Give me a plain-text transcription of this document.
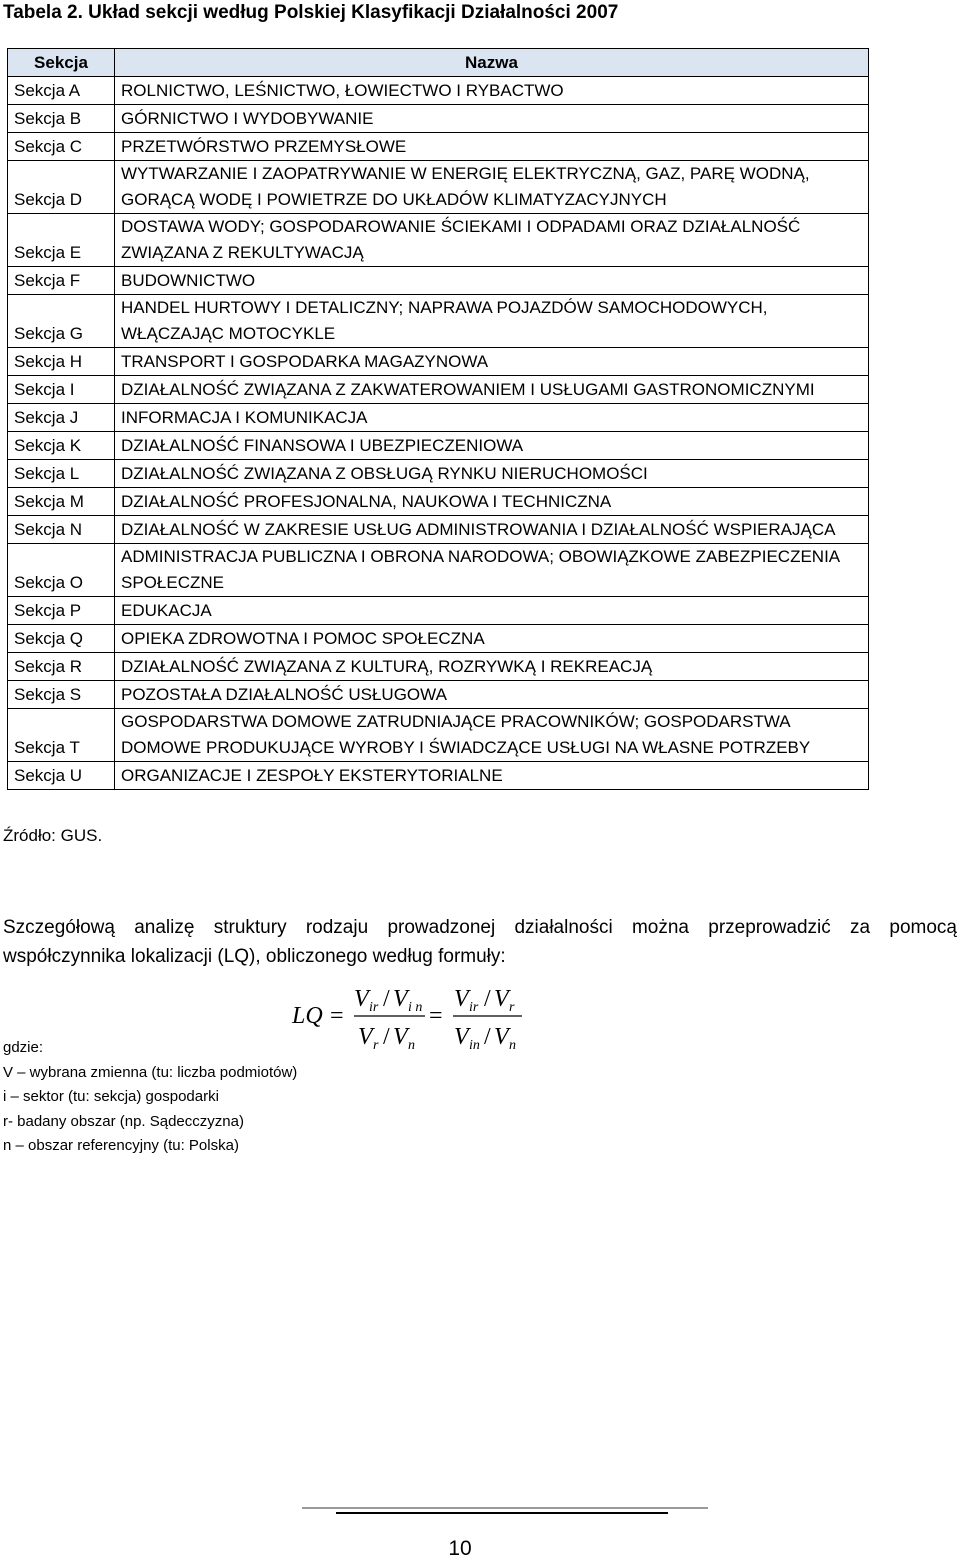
Tabela 2. Układ sekcji według Polskiej Klasyfikacji Działalności 2007
Sekcja	Nazwa
Sekcja A	ROLNICTWO, LEŚNICTWO, ŁOWIECTWO I RYBACTWO
Sekcja B	GÓRNICTWO I WYDOBYWANIE
Sekcja C	PRZETWÓRSTWO PRZEMYSŁOWE
Sekcja D	WYTWARZANIE I ZAOPATRYWANIE W ENERGIĘ ELEKTRYCZNĄ, GAZ, PARĘ WODNĄ, GORĄCĄ WODĘ I POWIETRZE DO UKŁADÓW KLIMATYZACYJNYCH
Sekcja E	DOSTAWA WODY; GOSPODAROWANIE ŚCIEKAMI I ODPADAMI ORAZ DZIAŁALNOŚĆ ZWIĄZANA Z REKULTYWACJĄ
Sekcja F	BUDOWNICTWO
Sekcja G	HANDEL HURTOWY I DETALICZNY; NAPRAWA POJAZDÓW SAMOCHODOWYCH, WŁĄCZAJĄC MOTOCYKLE
Sekcja H	TRANSPORT I GOSPODARKA MAGAZYNOWA
Sekcja I	DZIAŁALNOŚĆ ZWIĄZANA Z ZAKWATEROWANIEM I USŁUGAMI GASTRONOMICZNYMI
Sekcja J	INFORMACJA I KOMUNIKACJA
Sekcja K	DZIAŁALNOŚĆ FINANSOWA I UBEZPIECZENIOWA
Sekcja L	DZIAŁALNOŚĆ ZWIĄZANA Z OBSŁUGĄ RYNKU NIERUCHOMOŚCI
Sekcja M	DZIAŁALNOŚĆ PROFESJONALNA, NAUKOWA I TECHNICZNA
Sekcja N	DZIAŁALNOŚĆ W ZAKRESIE USŁUG ADMINISTROWANIA I DZIAŁALNOŚĆ WSPIERAJĄCA
Sekcja O	ADMINISTRACJA PUBLICZNA I OBRONA NARODOWA; OBOWIĄZKOWE ZABEZPIECZENIA SPOŁECZNE
Sekcja P	EDUKACJA
Sekcja Q	OPIEKA ZDROWOTNA I POMOC SPOŁECZNA
Sekcja R	DZIAŁALNOŚĆ ZWIĄZANA Z KULTURĄ, ROZRYWKĄ I REKREACJĄ
Sekcja S	POZOSTAŁA DZIAŁALNOŚĆ USŁUGOWA
Sekcja T	GOSPODARSTWA DOMOWE ZATRUDNIAJĄCE PRACOWNIKÓW; GOSPODARSTWA DOMOWE PRODUKUJĄCE WYROBY I ŚWIADCZĄCE USŁUGI NA WŁASNE POTRZEBY
Sekcja U	ORGANIZACJE I ZESPOŁY EKSTERYTORIALNE
Źródło: GUS.
Szczegółową analizę struktury rodzaju prowadzonej działalności można przeprowadzić za pomocą współczynnika lokalizacji (LQ), obliczonego według formuły:
LQ =
V ir / V i n
V r / V n
=
V ir / V r
V in / V n
gdzie:
V – wybrana zmienna (tu: liczba podmiotów)
i – sektor (tu: sekcja) gospodarki
r- badany obszar (np. Sądecczyzna)
n – obszar referencyjny (tu: Polska)
10
